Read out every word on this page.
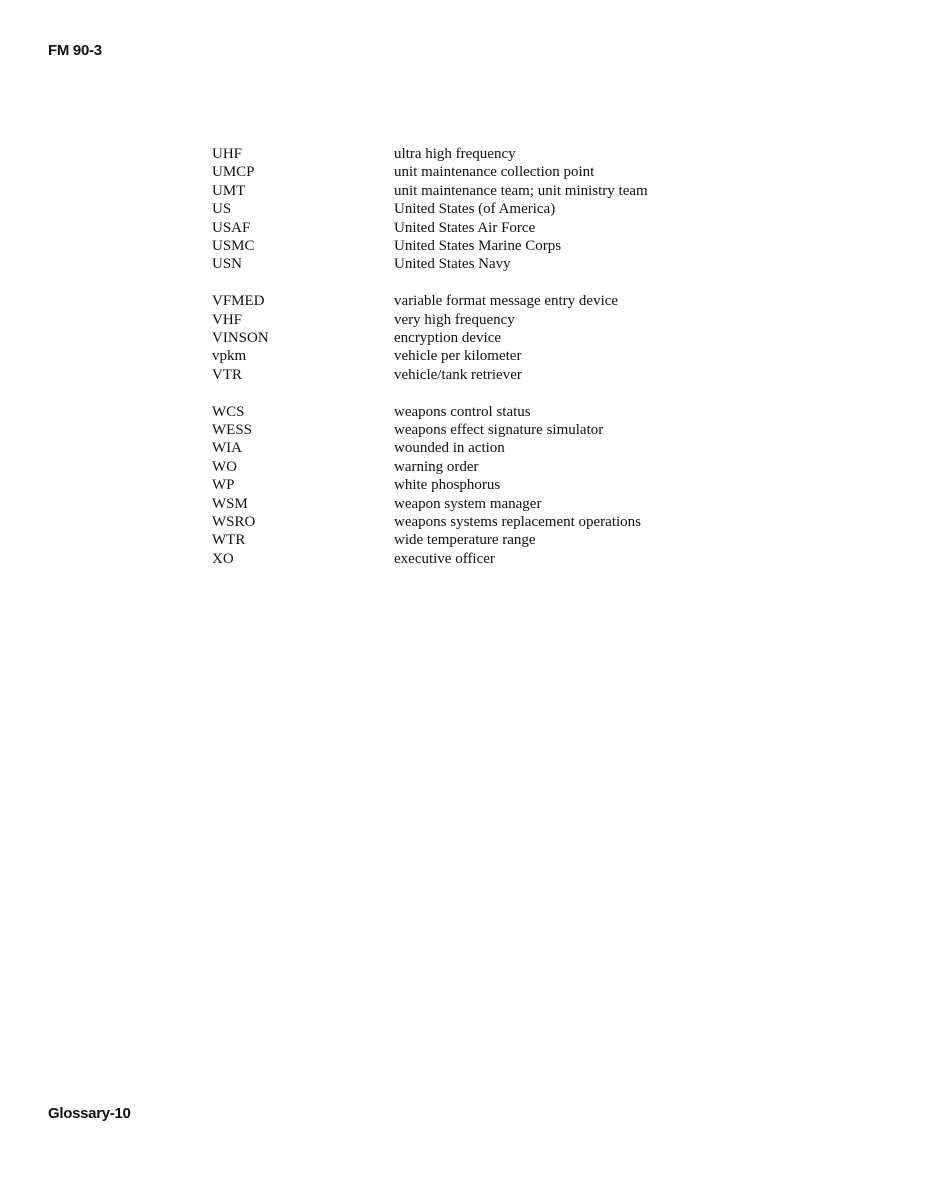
FM 90-3
UHF	ultra high frequency
UMCP	unit maintenance collection point
UMT	unit maintenance team; unit ministry team
US	United States (of America)
USAF	United States Air Force
USMC	United States Marine Corps
USN	United States Navy
VFMED	variable format message entry device
VHF	very high frequency
VINSON	encryption device
vpkm	vehicle per kilometer
VTR	vehicle/tank retriever
WCS	weapons control status
WESS	weapons effect signature simulator
WIA	wounded in action
WO	warning order
WP	white phosphorus
WSM	weapon system manager
WSRO	weapons systems replacement operations
WTR	wide temperature range
XO	executive officer
Glossary-10
